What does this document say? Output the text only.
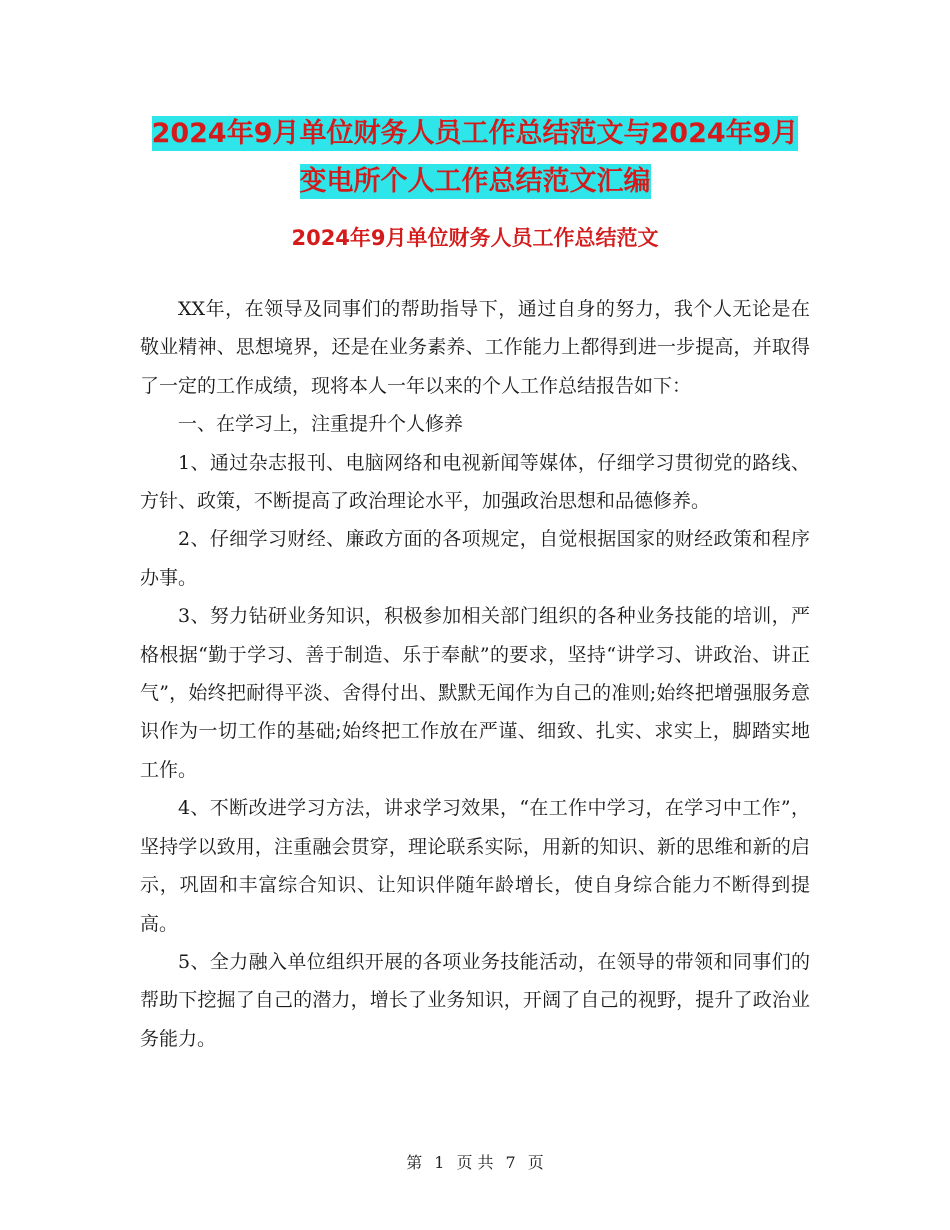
2024年9月单位财务人员工作总结范文与2024年9月
变电所个人工作总结范文汇编
2024年9月单位财务人员工作总结范文

XX年，在领导及同事们的帮助指导下，通过自身的努力，我个人无论是在敬业精神、思想境界，还是在业务素养、工作能力上都得到进一步提高，并取得了一定的工作成绩，现将本人一年以来的个人工作总结报告如下：

一、在学习上，注重提升个人修养

1、通过杂志报刊、电脑网络和电视新闻等媒体，仔细学习贯彻党的路线、方针、政策，不断提高了政治理论水平，加强政治思想和品德修养。

2、仔细学习财经、廉政方面的各项规定，自觉根据国家的财经政策和程序办事。

3、努力钻研业务知识，积极参加相关部门组织的各种业务技能的培训，严格根据“勤于学习、善于制造、乐于奉献”的要求，坚持“讲学习、讲政治、讲正气”，始终把耐得平淡、舍得付出、默默无闻作为自己的准则;始终把增强服务意识作为一切工作的基础;始终把工作放在严谨、细致、扎实、求实上，脚踏实地工作。

4、不断改进学习方法，讲求学习效果，“在工作中学习，在学习中工作”， 坚持学以致用，注重融会贯穿，理论联系实际，用新的知识、新的思维和新的启示，巩固和丰富综合知识、让知识伴随年龄增长，使自身综合能力不断得到提高。

5、全力融入单位组织开展的各项业务技能活动，在领导的带领和同事们的帮助下挖掘了自己的潜力，增长了业务知识，开阔了自己的视野，提升了政治业务能力。

第 1 页 共 7 页
